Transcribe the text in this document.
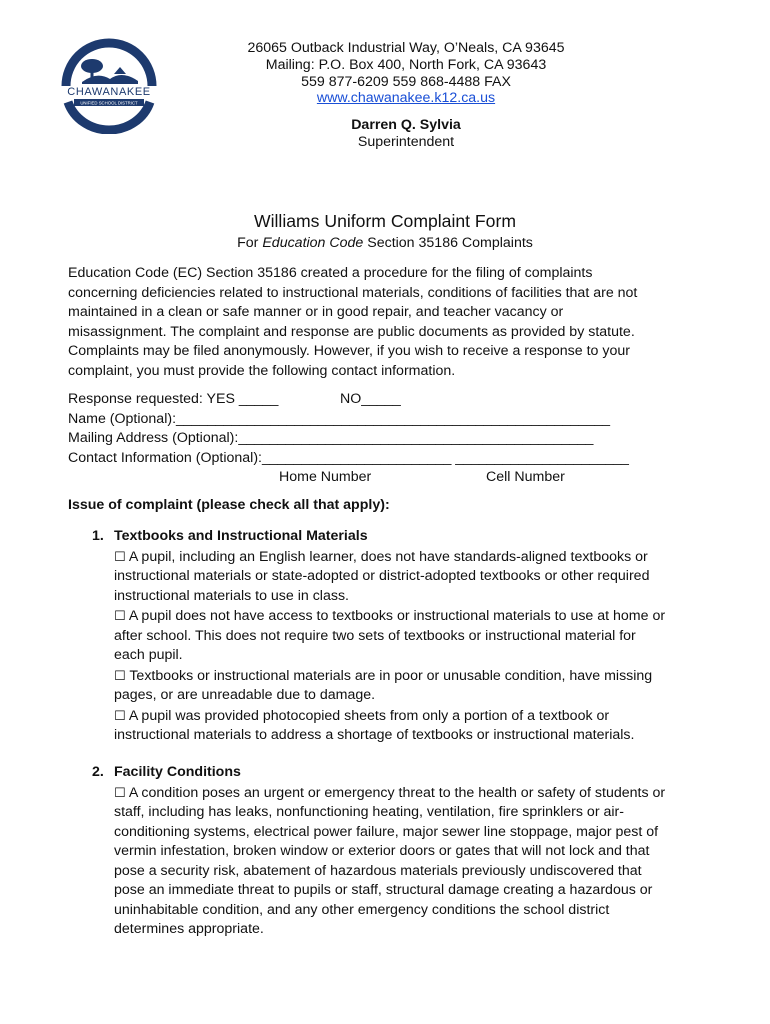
CHAWANAKEE
UNIFIED SCHOOL DISTRICT
26065 Outback Industrial Way, O’Neals, CA 93645
Mailing: P.O. Box 400, North Fork, CA 93643
559 877-6209 559 868-4488 FAX
www.chawanakee.k12.ca.us
Darren Q. Sylvia
Superintendent
Williams Uniform Complaint Form
For Education Code Section 35186 Complaints
Education Code (EC) Section 35186 created a procedure for the filing of complaints
concerning deficiencies related to instructional materials, conditions of facilities that are not
maintained in a clean or safe manner or in good repair, and teacher vacancy or
misassignment. The complaint and response are public documents as provided by statute.
Complaints may be filed anonymously. However, if you wish to receive a response to your
complaint, you must provide the following contact information.
Response requested: YES _____	NO_____
Name (Optional):_______________________________________________________
Mailing Address (Optional):_____________________________________________
Contact Information (Optional):________________________ ______________________
Home Number	Cell Number
Issue of complaint (please check all that apply):
1. Textbooks and Instructional Materials
☐ A pupil, including an English learner, does not have standards-aligned textbooks or
instructional materials or state-adopted or district-adopted textbooks or other required
instructional materials to use in class.
☐ A pupil does not have access to textbooks or instructional materials to use at home or
after school. This does not require two sets of textbooks or instructional material for
each pupil.
☐ Textbooks or instructional materials are in poor or unusable condition, have missing
pages, or are unreadable due to damage.
☐ A pupil was provided photocopied sheets from only a portion of a textbook or
instructional materials to address a shortage of textbooks or instructional materials.
2. Facility Conditions
☐ A condition poses an urgent or emergency threat to the health or safety of students or
staff, including has leaks, nonfunctioning heating, ventilation, fire sprinklers or air-
conditioning systems, electrical power failure, major sewer line stoppage, major pest of
vermin infestation, broken window or exterior doors or gates that will not lock and that
pose a security risk, abatement of hazardous materials previously undiscovered that
pose an immediate threat to pupils or staff, structural damage creating a hazardous or
uninhabitable condition, and any other emergency conditions the school district
determines appropriate.
